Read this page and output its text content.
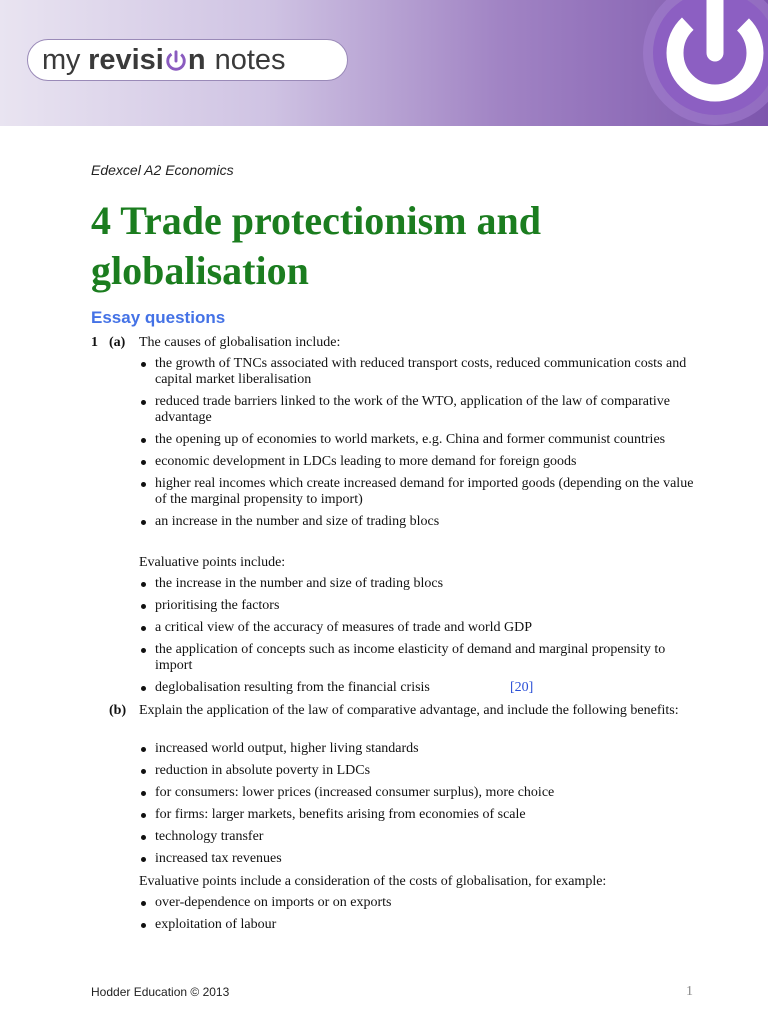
my revisi n notes
Edexcel A2 Economics
4 Trade protectionism and globalisation
Essay questions
1 (a) The causes of globalisation include:
the growth of TNCs associated with reduced transport costs, reduced communication costs and capital market liberalisation
reduced trade barriers linked to the work of the WTO, application of the law of comparative advantage
the opening up of economies to world markets, e.g. China and former communist countries
economic development in LDCs leading to more demand for foreign goods
higher real incomes which create increased demand for imported goods (depending on the value of the marginal propensity to import)
an increase in the number and size of trading blocs
Evaluative points include:
the increase in the number and size of trading blocs
prioritising the factors
a critical view of the accuracy of measures of trade and world GDP
the application of concepts such as income elasticity of demand and marginal propensity to import
deglobalisation resulting from the financial crisis	[20]
(b) Explain the application of the law of comparative advantage, and include the following benefits:
increased world output, higher living standards
reduction in absolute poverty in LDCs
for consumers: lower prices (increased consumer surplus), more choice
for firms: larger markets, benefits arising from economies of scale
technology transfer
increased tax revenues
Evaluative points include a consideration of the costs of globalisation, for example:
over-dependence on imports or on exports
exploitation of labour
Hodder Education © 2013	1
